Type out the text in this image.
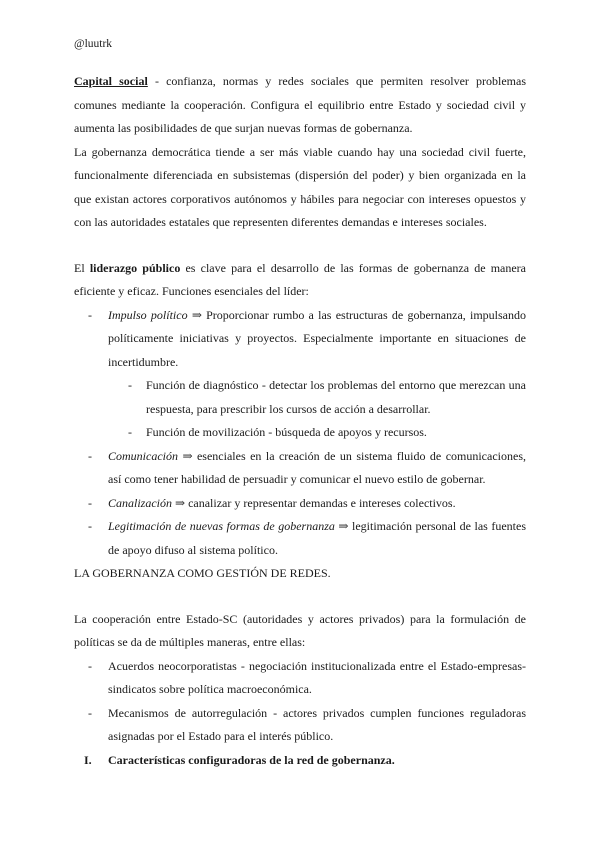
@luutrk

Capital social - confianza, normas y redes sociales que permiten resolver problemas comunes mediante la cooperación. Configura el equilibrio entre Estado y sociedad civil y aumenta las posibilidades de que surjan nuevas formas de gobernanza.

La gobernanza democrática tiende a ser más viable cuando hay una sociedad civil fuerte, funcionalmente diferenciada en subsistemas (dispersión del poder) y bien organizada en la que existan actores corporativos autónomos y hábiles para negociar con intereses opuestos y con las autoridades estatales que representen diferentes demandas e intereses sociales.

El liderazgo público es clave para el desarrollo de las formas de gobernanza de manera eficiente y eficaz. Funciones esenciales del líder:

- Impulso político ⇒ Proporcionar rumbo a las estructuras de gobernanza, impulsando políticamente iniciativas y proyectos. Especialmente importante en situaciones de incertidumbre.
- Función de diagnóstico - detectar los problemas del entorno que merezcan una respuesta, para prescribir los cursos de acción a desarrollar.
- Función de movilización - búsqueda de apoyos y recursos.
- Comunicación ⇒ esenciales en la creación de un sistema fluido de comunicaciones, así como tener habilidad de persuadir y comunicar el nuevo estilo de gobernar.
- Canalización ⇒ canalizar y representar demandas e intereses colectivos.
- Legitimación de nuevas formas de gobernanza ⇒ legitimación personal de las fuentes de apoyo difuso al sistema político.

LA GOBERNANZA COMO GESTIÓN DE REDES.

La cooperación entre Estado-SC (autoridades y actores privados) para la formulación de políticas se da de múltiples maneras, entre ellas:

- Acuerdos neocorporatistas - negociación institucionalizada entre el Estado-empresas-sindicatos sobre política macroeconómica.
- Mecanismos de autorregulación - actores privados cumplen funciones reguladoras asignadas por el Estado para el interés público.
I. Características configuradoras de la red de gobernanza.
